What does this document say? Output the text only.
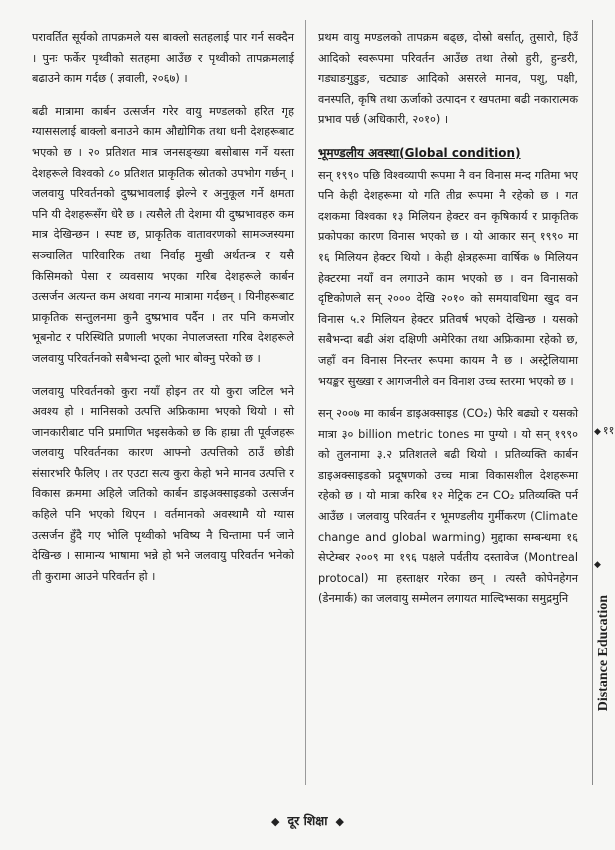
परावर्तित सूर्यको तापक्रमले यस बाक्लो सतहलाई पार गर्न सक्दैन । पुनः फर्केर पृथ्वीको सतहमा आउँछ र पृथ्वीको तापक्रमलाई बढाउने काम गर्दछ ( ज्ञवाली, २०६७) ।

बढी मात्रामा कार्बन उत्सर्जन गरेर वायु मण्डलको हरित गृह ग्याससलाई बाक्लो बनाउने काम औद्योगिक तथा धनी देशहरूबाट भएको छ । २० प्रतिशत मात्र जनसङ्ख्या बसोबास गर्ने यस्ता देशहरूले विश्वको ८० प्रतिशत प्राकृतिक स्रोतको उपभोग गर्छन् । जलवायु परिवर्तनको दुष्प्रभावलाई झेल्ने र अनुकूल गर्ने क्षमता पनि यी देशहरूसँग धेरै छ । त्यसैले ती देशमा यी दुष्प्रभावहरु कम मात्र देखिन्छन । स्पष्ट छ, प्राकृतिक वातावरणको सामञ्जस्यमा सञ्चालित पारिवारिक तथा निर्वाह मुखी अर्थतन्त्र र यसै किसिमको पेसा र व्यवसाय भएका गरिब देशहरूले कार्बन उत्सर्जन अत्यन्त कम अथवा नगन्य मात्रामा गर्दछन् । यिनीहरूबाट प्राकृतिक सन्तुलनमा कुनै दुष्प्रभाव पर्दैन । तर पनि कमजोर भूबनोट र परिस्थिति प्रणाली भएका नेपालजस्ता गरिब देशहरूले जलवायु परिवर्तनको सबैभन्दा ठूलो भार बोक्नु परेको छ ।

जलवायु परिवर्तनको कुरा नयाँ होइन तर यो कुरा जटिल भने अवश्य हो । मानिसको उत्पत्ति अफ्रिकामा भएको थियो । सो जानकारीबाट पनि प्रमाणित भइसकेको छ कि हाम्रा ती पूर्वजहरू जलवायु परिवर्तनका कारण आफ्नो उत्पत्तिको ठाउँ छोडी संसारभरि फैलिए । तर एउटा सत्य कुरा केहो भने मानव उत्पत्ति र विकास क्रममा अहिले जतिको कार्बन डाइअक्साइडको उत्सर्जन कहिले पनि भएको थिएन । वर्तमानको अवस्थामै यो ग्यास उत्सर्जन हुँदै गए भोलि पृथ्वीको भविष्य नै चिन्तामा पर्न जाने देखिन्छ । सामान्य भाषामा भन्ने हो भने जलवायु परिवर्तन भनेको ती कुरामा आउने परिवर्तन हो ।

प्रथम वायु मण्डलको तापक्रम बढ्छ, दोस्रो बर्सात्, तुसारो, हिउँ आदिको स्वरूपमा परिवर्तन आउँछ तथा तेस्रो हुरी, हुन्डरी, गड्याङगुडुङ, चट्याङ आदिको असरले मानव, पशु, पक्षी, वनस्पति, कृषि तथा ऊर्जाको उत्पादन र खपतमा बढी नकारात्मक प्रभाव पर्छ (अधिकारी, २०१०) ।

भूमण्डलीय अवस्था(Global condition)

सन् १९९० पछि विश्वव्यापी रूपमा नै वन विनास मन्द गतिमा भए पनि केही देशहरूमा यो गति तीव्र रूपमा नै रहेको छ । गत दशकमा विश्वका १३ मिलियन हेक्टर वन कृषिकार्य र प्राकृतिक प्रकोपका कारण विनास भएको छ । यो आकार सन् १९९० मा १६ मिलियन हेक्टर थियो । केही क्षेत्रहरूमा वार्षिक ७ मिलियन हेक्टरमा नयाँ वन लगाउने काम भएको छ । वन विनासको दृष्टिकोणले सन् २००० देखि २०१० को समयावधिमा खुद वन विनास ५.२ मिलियन हेक्टर प्रतिवर्ष भएको देखिन्छ । यसको सबैभन्दा बढी अंश दक्षिणी अमेरिका तथा अफ्रिकामा रहेको छ, जहाँ वन विनास निरन्तर रूपमा कायम नै छ । अस्ट्रेलियामा भयङ्कर सुख्खा र आगजनीले वन विनाश उच्च स्तरमा भएको छ ।

सन् २००७ मा कार्बन डाइअक्साइड (CO₂) फेरि बढ्यो र यसको मात्रा ३० billion metric tones मा पुग्यो । यो सन् १९९० को तुलनामा ३.२ प्रतिशतले बढी थियो । प्रतिव्यक्ति कार्बन डाइअक्साइडको प्रदूषणको उच्च मात्रा विकासशील देशहरूमा रहेको छ । यो मात्रा करिब १२ मेट्रिक टन CO₂ प्रतिव्यक्ति पर्न आउँछ । जलवायु परिवर्तन र भूमण्डलीय गुर्मीकरण (Climate change and global warming) मुद्दाका सम्बन्धमा १६ सेप्टेम्बर २००९ मा १९६ पक्षले पर्वतीय दस्तावेज (Montreal protocal) मा हस्ताक्षर गरेका छन् । त्यस्तै कोपेनहेगन (डेनमार्क) का जलवायु सम्मेलन लगायत माल्दिभ्सका समुद्रमुनि

◆ ११
◆
Distance Education
◆ दूर शिक्षा ◆
